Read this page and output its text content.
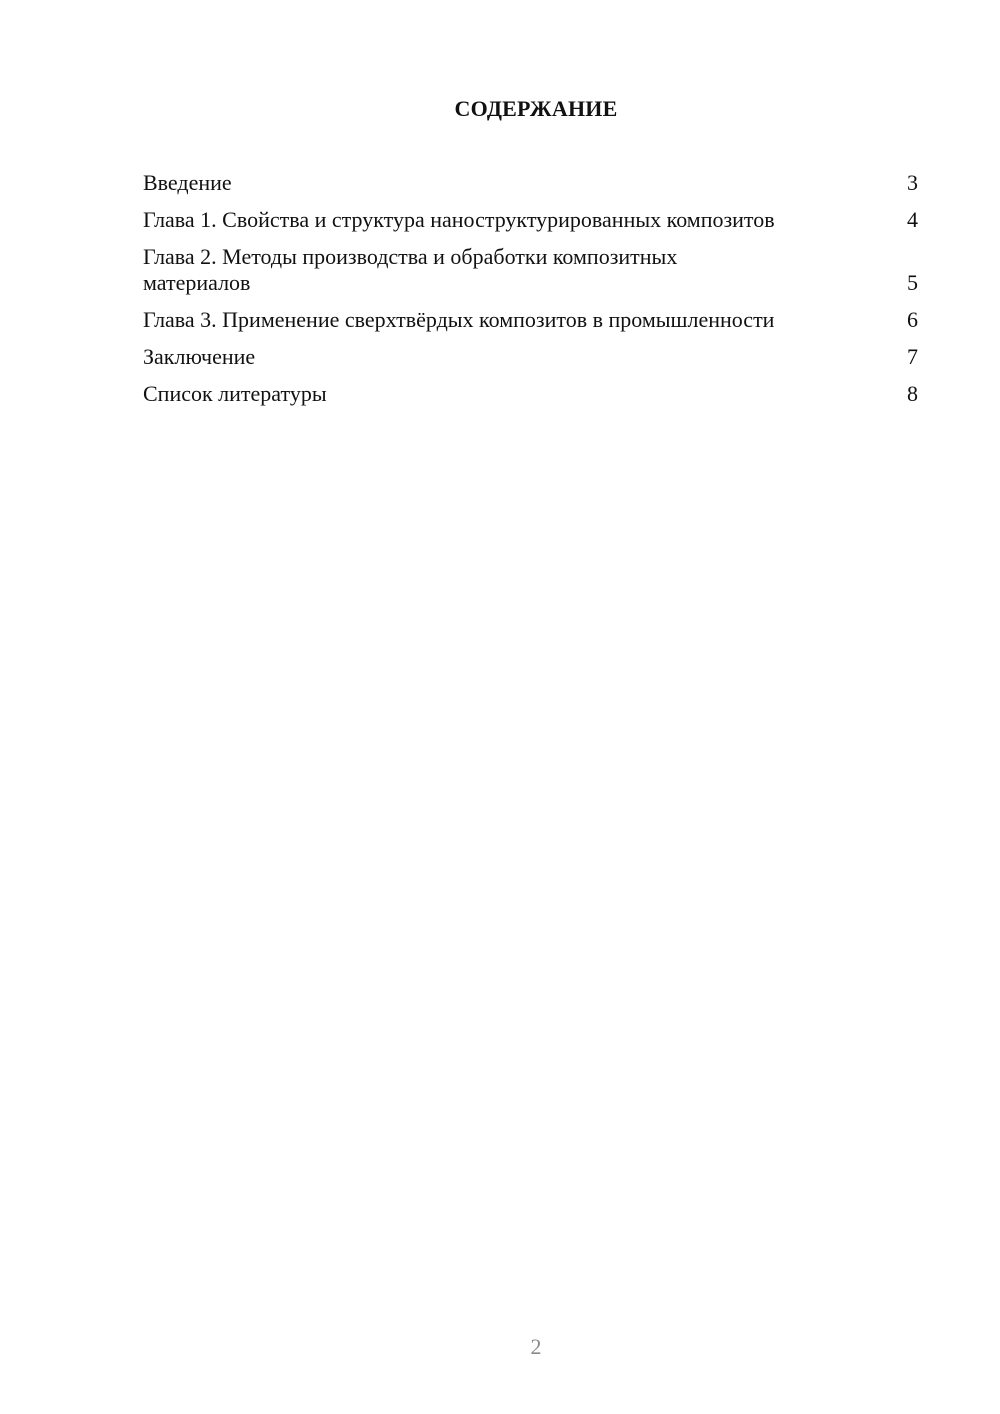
СОДЕРЖАНИЕ
Введение	3
Глава 1. Свойства и структура наноструктурированных композитов	4
Глава 2. Методы производства и обработки композитных материалов	5
Глава 3. Применение сверхтвёрдых композитов в промышленности	6
Заключение	7
Список литературы	8
2
